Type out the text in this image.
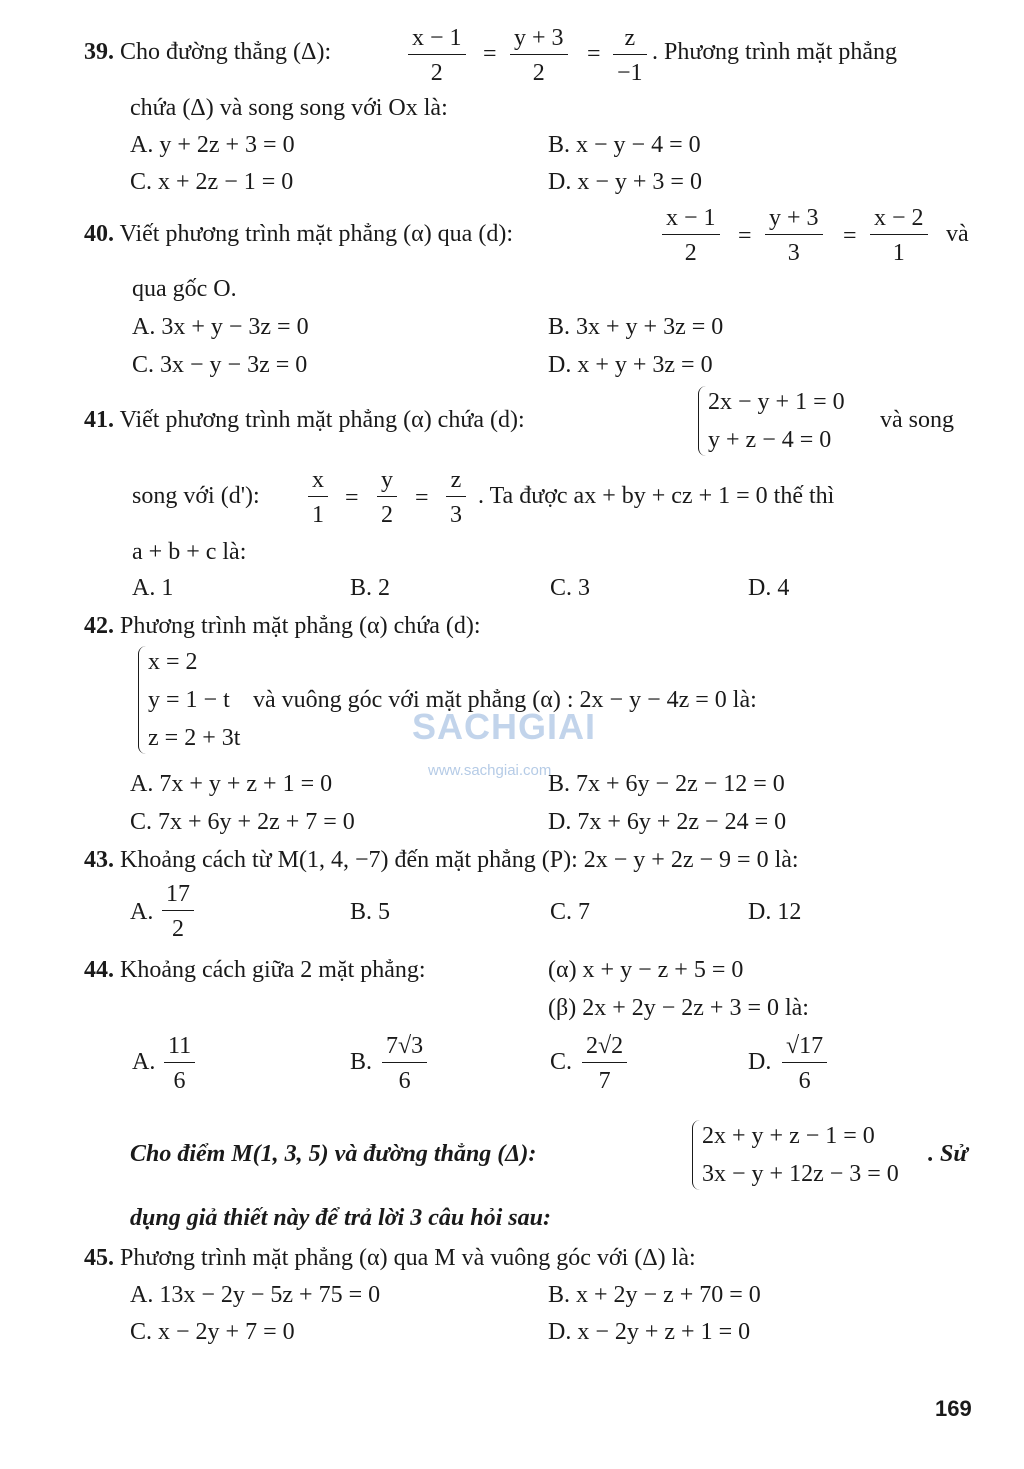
39. Cho đường thẳng (Δ):
x − 1
2
=
y + 3
2
=
z
−1
. Phương trình mặt phẳng
chứa (Δ) và song song với Ox là:
A. y + 2z + 3 = 0	B. x − y − 4 = 0
C. x + 2z − 1 = 0	D. x − y + 3 = 0
40. Viết phương trình mặt phẳng (α) qua (d):
x − 1
2
=
y + 3
3
=
x − 2
1
và
qua gốc O.
A. 3x + y − 3z = 0	B. 3x + y + 3z = 0
C. 3x − y − 3z = 0	D. x + y + 3z = 0
41. Viết phương trình mặt phẳng (α) chứa (d):
2x − y + 1 = 0
y + z − 4 = 0
và song
song với (d'):
x
1
=
y
2
=
z
3
. Ta được ax + by + cz + 1 = 0 thế thì
a + b + c là:
A. 1	B. 2	C. 3	D. 4
42. Phương trình mặt phẳng (α) chứa (d):
x = 2
y = 1 − t
z = 2 + 3t
và vuông góc với mặt phẳng (α) : 2x − y − 4z = 0 là:
A. 7x + y + z + 1 = 0	B. 7x + 6y − 2z − 12 = 0
C. 7x + 6y + 2z + 7 = 0	D. 7x + 6y + 2z − 24 = 0
43. Khoảng cách từ M(1, 4, −7) đến mặt phẳng (P): 2x − y + 2z − 9 = 0 là:
A.
17
2
B. 5	C. 7	D. 12
44. Khoảng cách giữa 2 mặt phẳng:	(α) x + y − z + 5 = 0
(β) 2x + 2y − 2z + 3 = 0 là:
A.
11
6
B.
7√3
6
C.
2√2
7
D.
√17
6
Cho điểm M(1, 3, 5) và đường thẳng (Δ):
2x + y + z − 1 = 0
3x − y + 12z − 3 = 0
. Sử
dụng giả thiết này để trả lời 3 câu hỏi sau:
45. Phương trình mặt phẳng (α) qua M và vuông góc với (Δ) là:
A. 13x − 2y − 5z + 75 = 0	B. x + 2y − z + 70 = 0
C. x − 2y + 7 = 0	D. x − 2y + z + 1 = 0
SACHGIAI
www.sachgiai.com
169
